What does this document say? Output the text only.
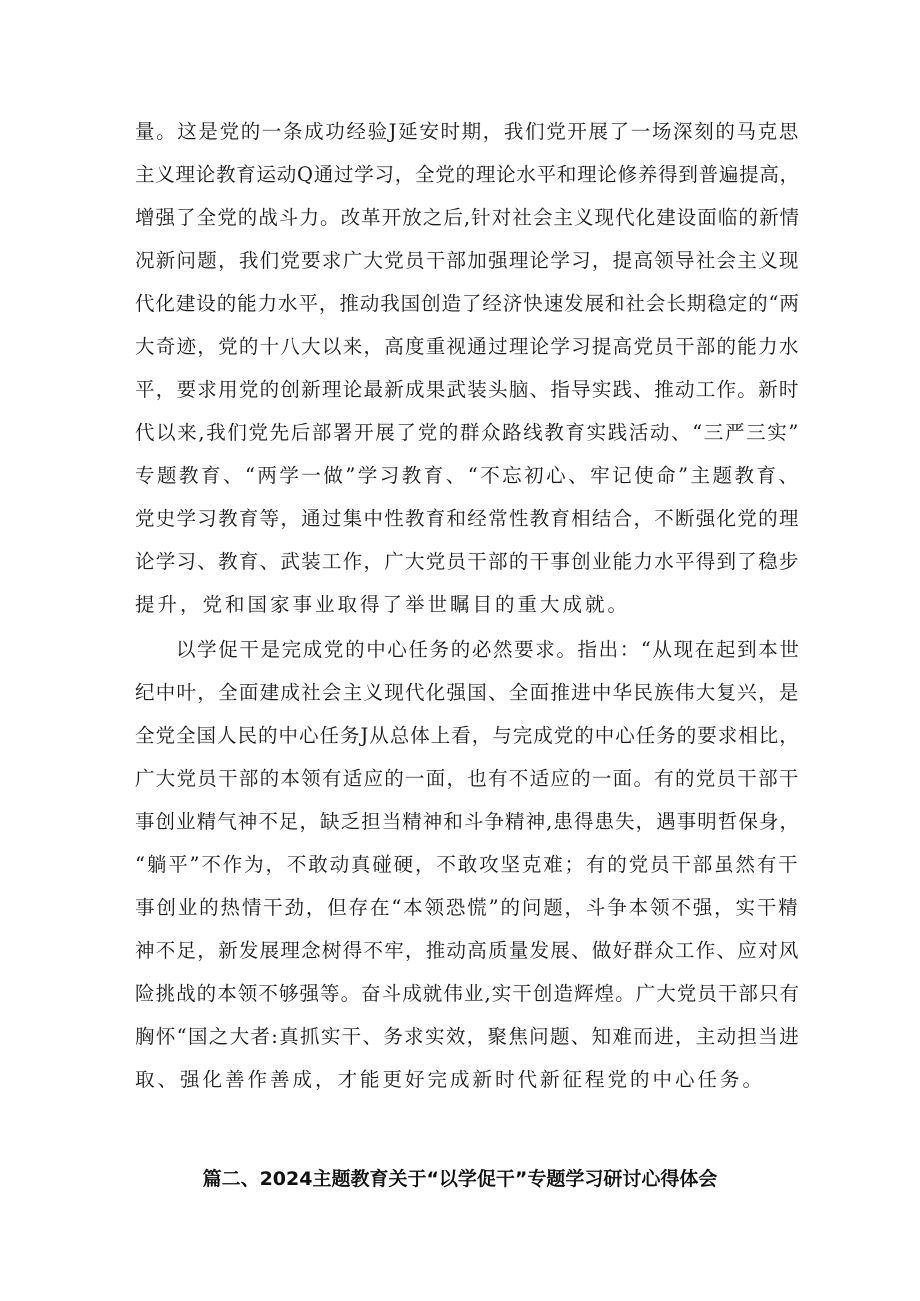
量。这是党的一条成功经验J延安时期，我们党开展了一场深刻的马克思
主义理论教育运动Q通过学习，全党的理论水平和理论修养得到普遍提高，
增强了全党的战斗力。改革开放之后,针对社会主义现代化建设面临的新情
况新问题，我们党要求广大党员干部加强理论学习，提高领导社会主义现
代化建设的能力水平，推动我国创造了经济快速发展和社会长期稳定的“两
大奇迹，党的十八大以来，高度重视通过理论学习提高党员干部的能力水
平，要求用党的创新理论最新成果武装头脑、指导实践、推动工作。新时
代以来,我们党先后部署开展了党的群众路线教育实践活动、“三严三实”
专题教育、“两学一做”学习教育、“不忘初心、牢记使命”主题教育、
党史学习教育等，通过集中性教育和经常性教育相结合，不断强化党的理
论学习、教育、武装工作，广大党员干部的干事创业能力水平得到了稳步
提升，党和国家事业取得了举世瞩目的重大成就。
以学促干是完成党的中心任务的必然要求。指出：“从现在起到本世
纪中叶，全面建成社会主义现代化强国、全面推进中华民族伟大复兴，是
全党全国人民的中心任务J从总体上看，与完成党的中心任务的要求相比，
广大党员干部的本领有适应的一面，也有不适应的一面。有的党员干部干
事创业精气神不足，缺乏担当精神和斗争精神,患得患失，遇事明哲保身，
“躺平”不作为，不敢动真碰硬，不敢攻坚克难；有的党员干部虽然有干
事创业的热情干劲，但存在“本领恐慌”的问题，斗争本领不强，实干精
神不足，新发展理念树得不牢，推动高质量发展、做好群众工作、应对风
险挑战的本领不够强等。奋斗成就伟业,实干创造辉煌。广大党员干部只有
胸怀“国之大者:真抓实干、务求实效，聚焦问题、知难而进，主动担当进
取、强化善作善成，才能更好完成新时代新征程党的中心任务。
篇二、2024主题教育关于“以学促干”专题学习研讨心得体会
